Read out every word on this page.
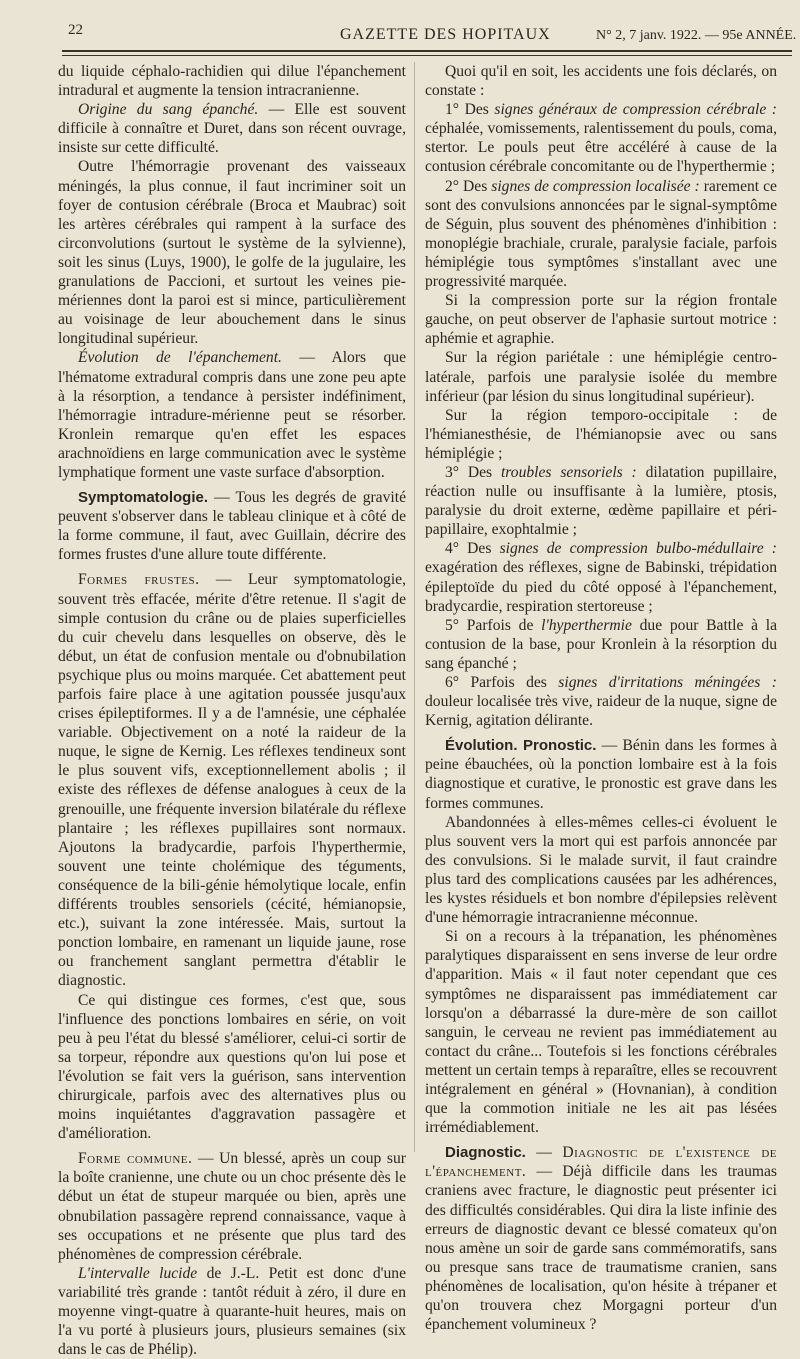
22	GAZETTE DES HOPITAUX	N° 2, 7 janv. 1922. — 95e ANNÉE.

du liquide céphalo-rachidien qui dilue l'épanchement intradural et augmente la tension intracranienne.

Origine du sang épanché. — Elle est souvent difficile à connaître et Duret, dans son récent ouvrage, insiste sur cette difficulté.

Outre l'hémorragie provenant des vaisseaux méningés, la plus connue, il faut incriminer soit un foyer de contusion cérébrale (Broca et Maubrac) soit les artères cérébrales qui rampent à la surface des circonvolutions (surtout le système de la sylvienne), soit les sinus (Luys, 1900), le golfe de la jugulaire, les granulations de Paccioni, et surtout les veines pie-mériennes dont la paroi est si mince, particulièrement au voisinage de leur abouchement dans le sinus longitudinal supérieur.

Évolution de l'épanchement. — Alors que l'hématome extradural compris dans une zone peu apte à la résorption, a tendance à persister indéfiniment, l'hémorragie intradure-mérienne peut se résorber. Kronlein remarque qu'en effet les espaces arachnoïdiens en large communication avec le système lymphatique forment une vaste surface d'absorption.

Symptomatologie. — Tous les degrés de gravité peuvent s'observer dans le tableau clinique et à côté de la forme commune, il faut, avec Guillain, décrire des formes frustes d'une allure toute différente.

Formes frustes. — Leur symptomatologie, souvent très effacée, mérite d'être retenue. Il s'agit de simple contusion du crâne ou de plaies superficielles du cuir chevelu dans lesquelles on observe, dès le début, un état de confusion mentale ou d'obnubilation psychique plus ou moins marquée. Cet abattement peut parfois faire place à une agitation poussée jusqu'aux crises épileptiformes. Il y a de l'amnésie, une céphalée variable. Objectivement on a noté la raideur de la nuque, le signe de Kernig. Les réflexes tendineux sont le plus souvent vifs, exceptionnellement abolis ; il existe des réflexes de défense analogues à ceux de la grenouille, une fréquente inversion bilatérale du réflexe plantaire ; les réflexes pupillaires sont normaux. Ajoutons la bradycardie, parfois l'hyperthermie, souvent une teinte cholémique des téguments, conséquence de la bili-génie hémolytique locale, enfin différents troubles sensoriels (cécité, hémianopsie, etc.), suivant la zone intéressée. Mais, surtout la ponction lombaire, en ramenant un liquide jaune, rose ou franchement sanglant permettra d'établir le diagnostic.

Ce qui distingue ces formes, c'est que, sous l'influence des ponctions lombaires en série, on voit peu à peu l'état du blessé s'améliorer, celui-ci sortir de sa torpeur, répondre aux questions qu'on lui pose et l'évolution se fait vers la guérison, sans intervention chirurgicale, parfois avec des alternatives plus ou moins inquiétantes d'aggravation passagère et d'amélioration.

Forme commune. — Un blessé, après un coup sur la boîte cranienne, une chute ou un choc présente dès le début un état de stupeur marquée ou bien, après une obnubilation passagère reprend connaissance, vaque à ses occupations et ne présente que plus tard des phénomènes de compression cérébrale.

L'intervalle lucide de J.-L. Petit est donc d'une variabilité très grande : tantôt réduit à zéro, il dure en moyenne vingt-quatre à quarante-huit heures, mais on l'a vu porté à plusieurs jours, plusieurs semaines (six dans le cas de Phélip).

Quoi qu'il en soit, les accidents une fois déclarés, on constate :

1° Des signes généraux de compression cérébrale : céphalée, vomissements, ralentissement du pouls, coma, stertor. Le pouls peut être accéléré à cause de la contusion cérébrale concomitante ou de l'hyperthermie ;

2° Des signes de compression localisée : rarement ce sont des convulsions annoncées par le signal-symptôme de Séguin, plus souvent des phénomènes d'inhibition : monoplégie brachiale, crurale, paralysie faciale, parfois hémiplégie tous symptômes s'installant avec une progressivité marquée.

Si la compression porte sur la région frontale gauche, on peut observer de l'aphasie surtout motrice : aphémie et agraphie.

Sur la région pariétale : une hémiplégie centro-latérale, parfois une paralysie isolée du membre inférieur (par lésion du sinus longitudinal supérieur).

Sur la région temporo-occipitale : de l'hémianesthésie, de l'hémianopsie avec ou sans hémiplégie ;

3° Des troubles sensoriels : dilatation pupillaire, réaction nulle ou insuffisante à la lumière, ptosis, paralysie du droit externe, œdème papillaire et péri-papillaire, exophtalmie ;

4° Des signes de compression bulbo-médullaire : exagération des réflexes, signe de Babinski, trépidation épileptoïde du pied du côté opposé à l'épanchement, bradycardie, respiration stertoreuse ;

5° Parfois de l'hyperthermie due pour Battle à la contusion de la base, pour Kronlein à la résorption du sang épanché ;

6° Parfois des signes d'irritations méningées : douleur localisée très vive, raideur de la nuque, signe de Kernig, agitation délirante.

Évolution. Pronostic. — Bénin dans les formes à peine ébauchées, où la ponction lombaire est à la fois diagnostique et curative, le pronostic est grave dans les formes communes.

Abandonnées à elles-mêmes celles-ci évoluent le plus souvent vers la mort qui est parfois annoncée par des convulsions. Si le malade survit, il faut craindre plus tard des complications causées par les adhérences, les kystes résiduels et bon nombre d'épilepsies relèvent d'une hémorragie intracranienne méconnue.

Si on a recours à la trépanation, les phénomènes paralytiques disparaissent en sens inverse de leur ordre d'apparition. Mais « il faut noter cependant que ces symptômes ne disparaissent pas immédiatement car lorsqu'on a débarrassé la dure-mère de son caillot sanguin, le cerveau ne revient pas immédiatement au contact du crâne... Toutefois si les fonctions cérébrales mettent un certain temps à reparaître, elles se recouvrent intégralement en général » (Hovnanian), à condition que la commotion initiale ne les ait pas lésées irrémédiablement.

Diagnostic. — Diagnostic de l'existence de l'épanchement. — Déjà difficile dans les traumas craniens avec fracture, le diagnostic peut présenter ici des difficultés considérables. Qui dira la liste infinie des erreurs de diagnostic devant ce blessé comateux qu'on nous amène un soir de garde sans commémoratifs, sans ou presque sans trace de traumatisme cranien, sans phénomènes de localisation, qu'on hésite à trépaner et qu'on trouvera chez Morgagni porteur d'un épanchement volumineux ?
